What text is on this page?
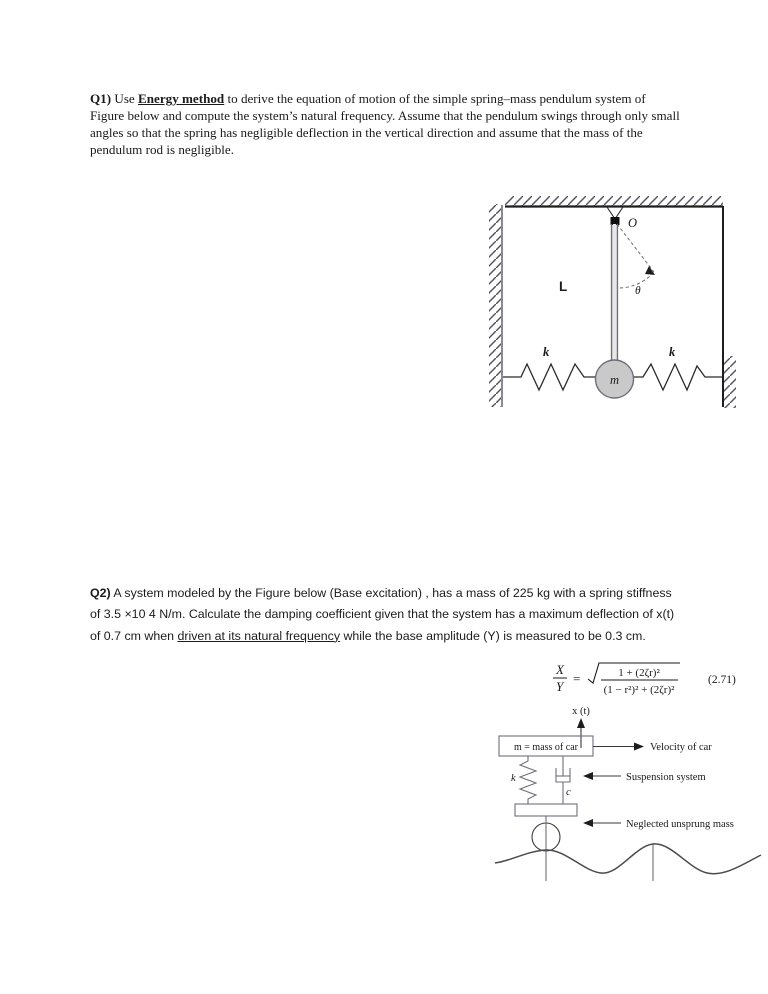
Q1) Use Energy method to derive the equation of motion of the simple spring–mass pendulum system of Figure below and compute the system’s natural frequency. Assume that the pendulum swings through only small angles so that the spring has negligible deflection in the vertical direction and assume that the mass of the pendulum rod is negligible.
O
θ
L
k	k
m
Q2) A system modeled by the Figure below (Base excitation) , has a mass of 225 kg with a spring stiffness of 3.5 ×10 4 N/m. Calculate the damping coefficient given that the system has a maximum deflection of x(t) of 0.7 cm when driven at its natural frequency while the base amplitude (Y) is measured to be 0.3 cm.
X
Y
=	1 + (2ζr)²
(1 − r²)² + (2ζr)²
(2.71)
x (t)
m = mass of car	Velocity of car
k
c
Suspension system
Neglected unsprung mass
